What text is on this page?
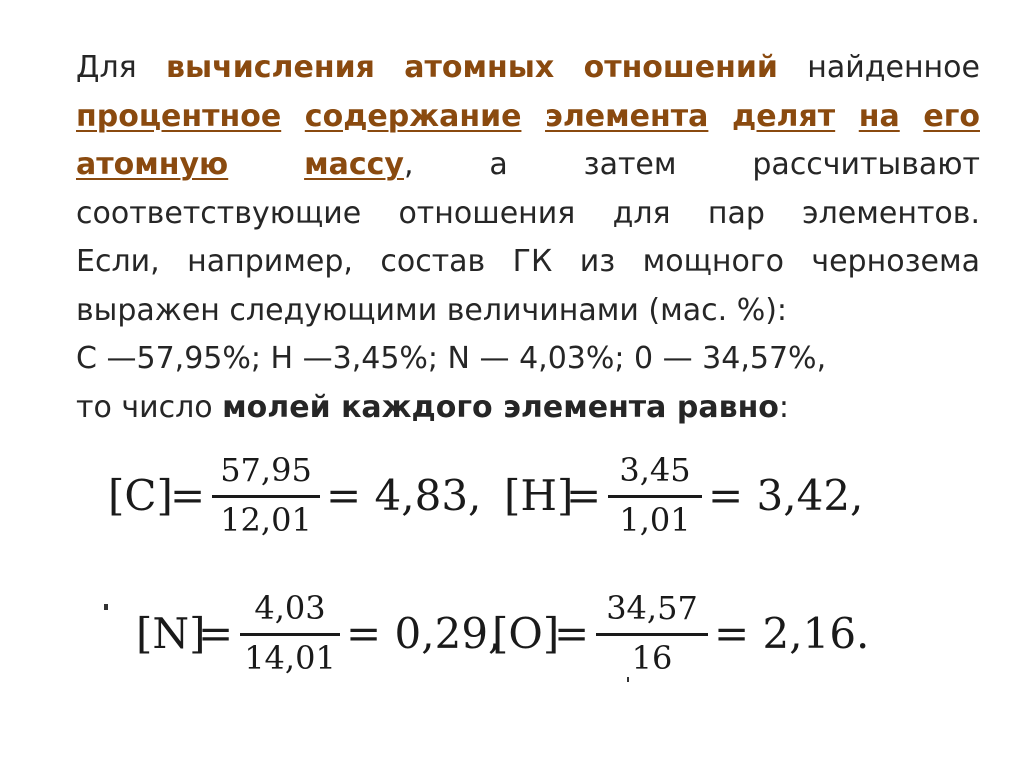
Для вычисления атомных отношений найденное
процентное содержание элемента делят на его
атомную	массу,	а	затем	рассчитывают
соответствующие отношения для пар элементов.
Если, например, состав ГК из мощного чернозема
выражен следующими величинами (мас. %):
С —57,95%; Н —3,45%; N — 4,03%; 0 — 34,57%,
то число молей каждого элемента равно:
[C]
=
57,95
12,01 = 4,83, [H]
=
3,45
1,01 = 3,42,
[N]
=
4,03
14,01 = 0,29,
[O]
=
34,57
16 = 2,16.
